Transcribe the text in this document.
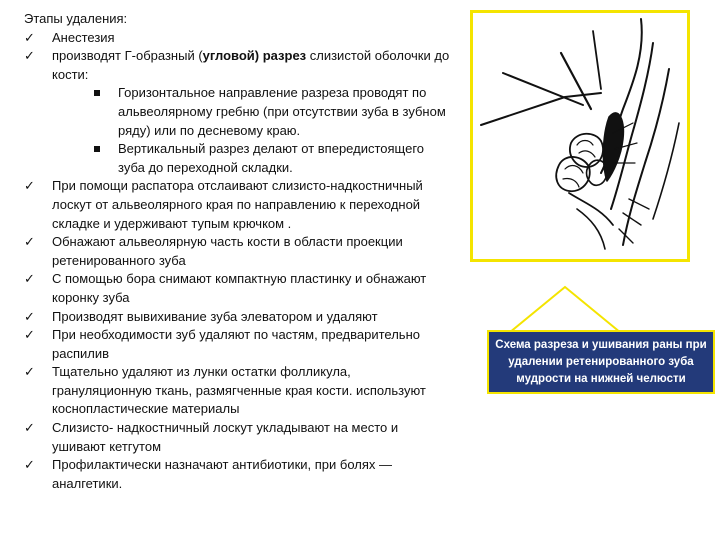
Этапы удаления:
✓ Анестезия
✓ производят Г-образный (угловой) разрез слизистой оболочки до кости:
Горизонтальное направление разреза проводят по альвеолярному гребню (при отсутствии зуба в зубном ряду) или по десневому краю.
Вертикальный разрез делают от впередистоящего зуба до переходной складки.
✓ При помощи распатора отслаивают слизисто-надкостничный лоскут от альвеолярного края по направлению к переходной складке и удерживают тупым крючком .
✓ Обнажают альвеолярную часть кости в области проекции ретенированного зуба
✓ С помощью бора снимают компактную пластинку и обнажают коронку зуба
✓ Производят вывихивание зуба элеватором и удаляют
✓ При необходимости зуб удаляют по частям, предварительно распилив
✓ Тщательно удаляют из лунки остатки фолликула, грануляционную ткань, размягченные края кости. используют коснопластические материалы
✓ Слизисто- надкостничный лоскут укладывают на место и ушивают кетгутом
✓ Профилактически назначают антибиотики, при болях — аналгетики.
Схема разреза и ушивания раны при удалении ретенированного зуба мудрости на нижней челюсти
